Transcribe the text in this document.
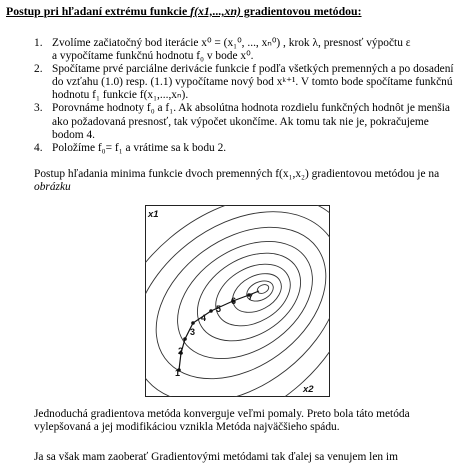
Postup pri hľadaní extrému funkcie f(x1,...,xn) gradientovou metódou:
1. Zvolíme začiatočný bod iterácie x⁰ = (x₁⁰, ..., xₙ⁰) , krok λ, presnosť výpočtu ε
a vypočítame funkčnú hodnotu f₀ v bode x⁰.
2. Spočítame prvé parciálne derivácie funkcie f podľa všetkých premenných a po dosadení
do vzťahu (1.0) resp. (1.1) vypočítame nový bod xᵏ⁺¹. V tomto bode spočítame funkčnú
hodnotu f₁ funkcie f(x₁,...,xₙ).
3. Porovnáme hodnoty f₀ a f₁. Ak absolútna hodnota rozdielu funkčných hodnôt je menšia
ako požadovaná presnosť, tak výpočet ukončíme. Ak tomu tak nie je, pokračujeme
bodom 4.
4. Položíme f₀= f₁ a vrátime sa k bodu 2.
Postup hľadania minima funkcie dvoch premenných f(x₁,x₂) gradientovou metódou je na
obrázku
x1
x2
1
2
3
4
5
6 7
Jednoduchá gradientova metóda konverguje veľmi pomaly. Preto bola táto metóda
vylepšovaná a jej modifikáciou vznikla Metóda najväčšieho spádu.
Ja sa však mam zaoberať Gradientovými metódami tak ďalej sa venujem len im
